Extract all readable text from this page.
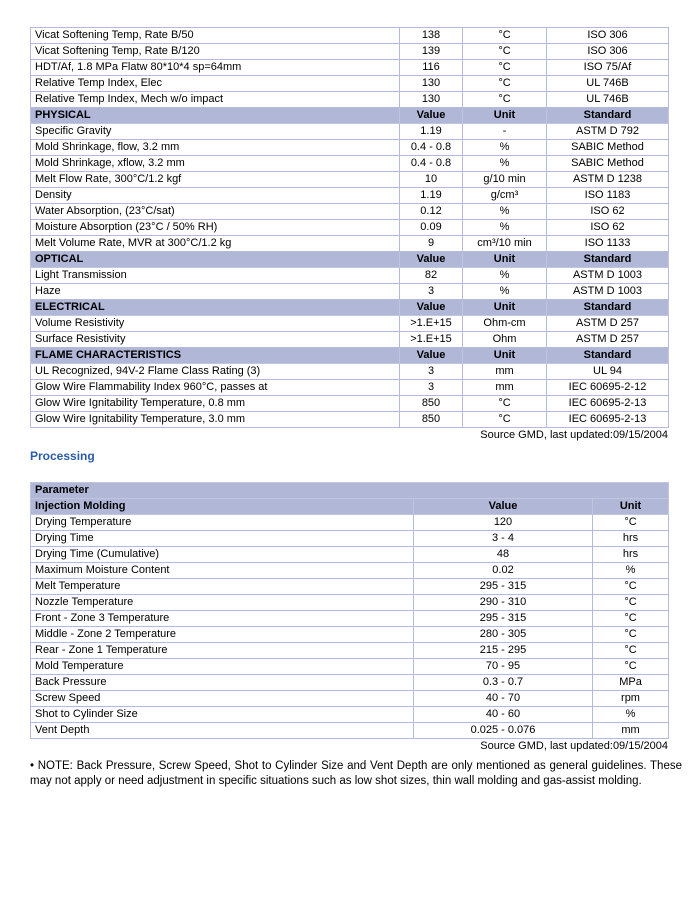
Vicat Softening Temp, Rate B/50	138	°C	ISO 306
Vicat Softening Temp, Rate B/120	139	°C	ISO 306
HDT/Af, 1.8 MPa Flatw 80*10*4 sp=64mm	116	°C	ISO 75/Af
Relative Temp Index, Elec	130	°C	UL 746B
Relative Temp Index, Mech w/o impact	130	°C	UL 746B
PHYSICAL	Value	Unit	Standard
Specific Gravity	1.19	-	ASTM D 792
Mold Shrinkage, flow, 3.2 mm	0.4 - 0.8	%	SABIC Method
Mold Shrinkage, xflow, 3.2 mm	0.4 - 0.8	%	SABIC Method
Melt Flow Rate, 300°C/1.2 kgf	10	g/10 min	ASTM D 1238
Density	1.19	g/cm³	ISO 1183
Water Absorption, (23°C/sat)	0.12	%	ISO 62
Moisture Absorption (23°C / 50% RH)	0.09	%	ISO 62
Melt Volume Rate, MVR at 300°C/1.2 kg	9	cm³/10 min	ISO 1133
OPTICAL	Value	Unit	Standard
Light Transmission	82	%	ASTM D 1003
Haze	3	%	ASTM D 1003
ELECTRICAL	Value	Unit	Standard
Volume Resistivity	>1.E+15	Ohm-cm	ASTM D 257
Surface Resistivity	>1.E+15	Ohm	ASTM D 257
FLAME CHARACTERISTICS	Value	Unit	Standard
UL Recognized, 94V-2 Flame Class Rating (3)	3	mm	UL 94
Glow Wire Flammability Index 960°C, passes at	3	mm	IEC 60695-2-12
Glow Wire Ignitability Temperature, 0.8 mm	850	°C	IEC 60695-2-13
Glow Wire Ignitability Temperature, 3.0 mm	850	°C	IEC 60695-2-13
Source GMD, last updated:09/15/2004
Processing
Parameter		
Injection Molding	Value	Unit
Drying Temperature	120	°C
Drying Time	3 - 4	hrs
Drying Time (Cumulative)	48	hrs
Maximum Moisture Content	0.02	%
Melt Temperature	295 - 315	°C
Nozzle Temperature	290 - 310	°C
Front - Zone 3 Temperature	295 - 315	°C
Middle - Zone 2 Temperature	280 - 305	°C
Rear - Zone 1 Temperature	215 - 295	°C
Mold Temperature	70 - 95	°C
Back Pressure	0.3 - 0.7	MPa
Screw Speed	40 - 70	rpm
Shot to Cylinder Size	40 - 60	%
Vent Depth	0.025 - 0.076	mm
Source GMD, last updated:09/15/2004
• NOTE: Back Pressure, Screw Speed, Shot to Cylinder Size and Vent Depth are only mentioned as general guidelines. These may not apply or need adjustment in specific situations such as low shot sizes, thin wall molding and gas-assist molding.
